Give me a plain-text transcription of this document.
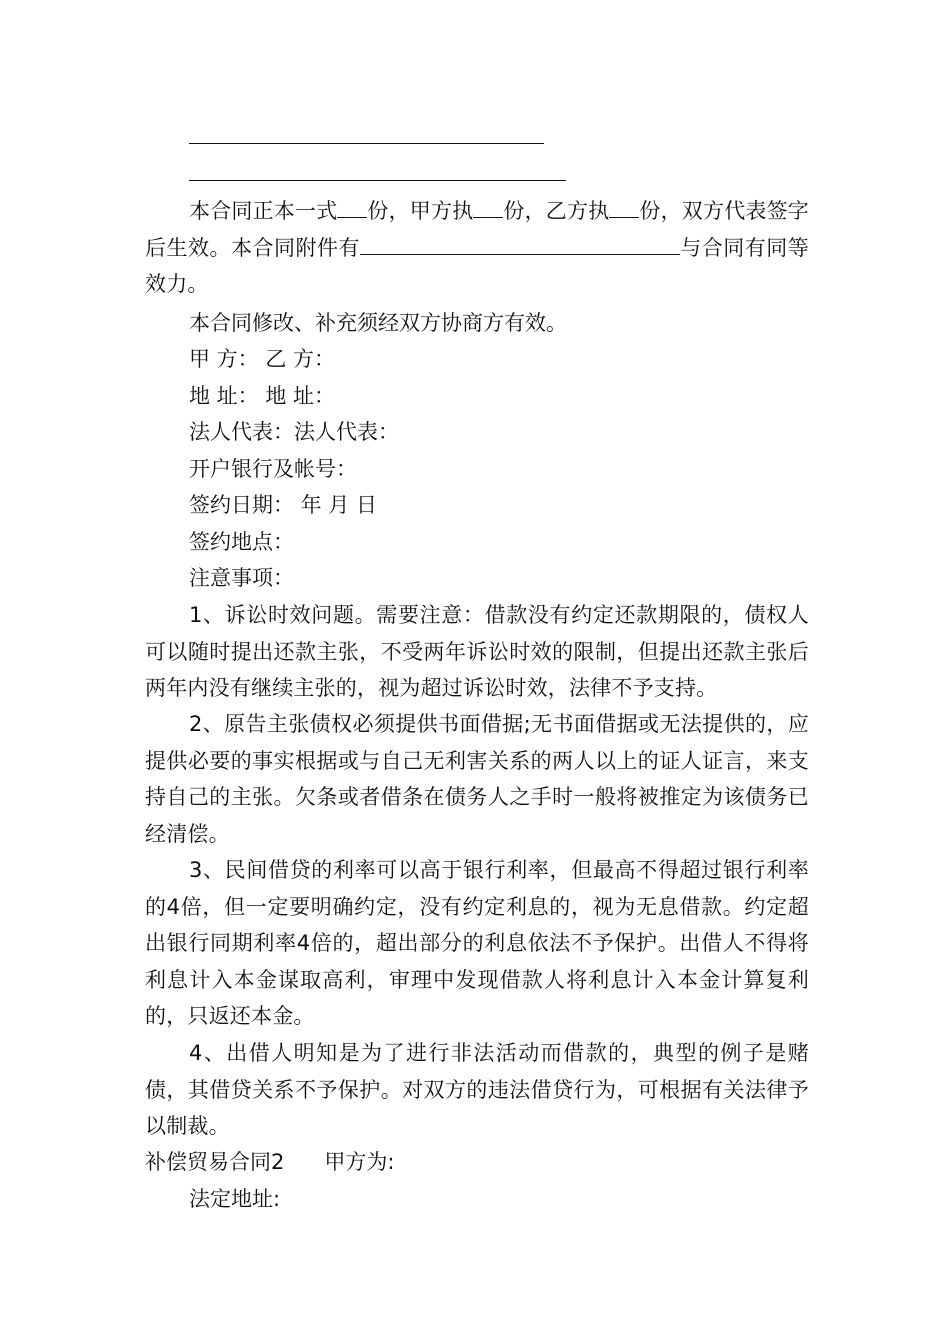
本合同正本一式 份，甲方执 份，乙方执 份，双方代表签字后生效。本合同附件有	与合同有同等效力。

本合同修改、补充须经双方协商方有效。

甲 方： 乙 方：

地 址： 地 址：

法人代表：法人代表：

开户银行及帐号：

签约日期： 年 月 日

签约地点：

注意事项：

1、诉讼时效问题。需要注意：借款没有约定还款期限的，债权人可以随时提出还款主张，不受两年诉讼时效的限制，但提出还款主张后两年内没有继续主张的，视为超过诉讼时效，法律不予支持。

2、原告主张债权必须提供书面借据;无书面借据或无法提供的，应提供必要的事实根据或与自己无利害关系的两人以上的证人证言，来支持自己的主张。欠条或者借条在债务人之手时一般将被推定为该债务已经清偿。

3、民间借贷的利率可以高于银行利率，但最高不得超过银行利率的4倍，但一定要明确约定，没有约定利息的，视为无息借款。约定超出银行同期利率4倍的，超出部分的利息依法不予保护。出借人不得将利息计入本金谋取高利，审理中发现借款人将利息计入本金计算复利的，只返还本金。

4、出借人明知是为了进行非法活动而借款的，典型的例子是赌债，其借贷关系不予保护。对双方的违法借贷行为，可根据有关法律予以制裁。

补偿贸易合同2 甲方为:

法定地址:
